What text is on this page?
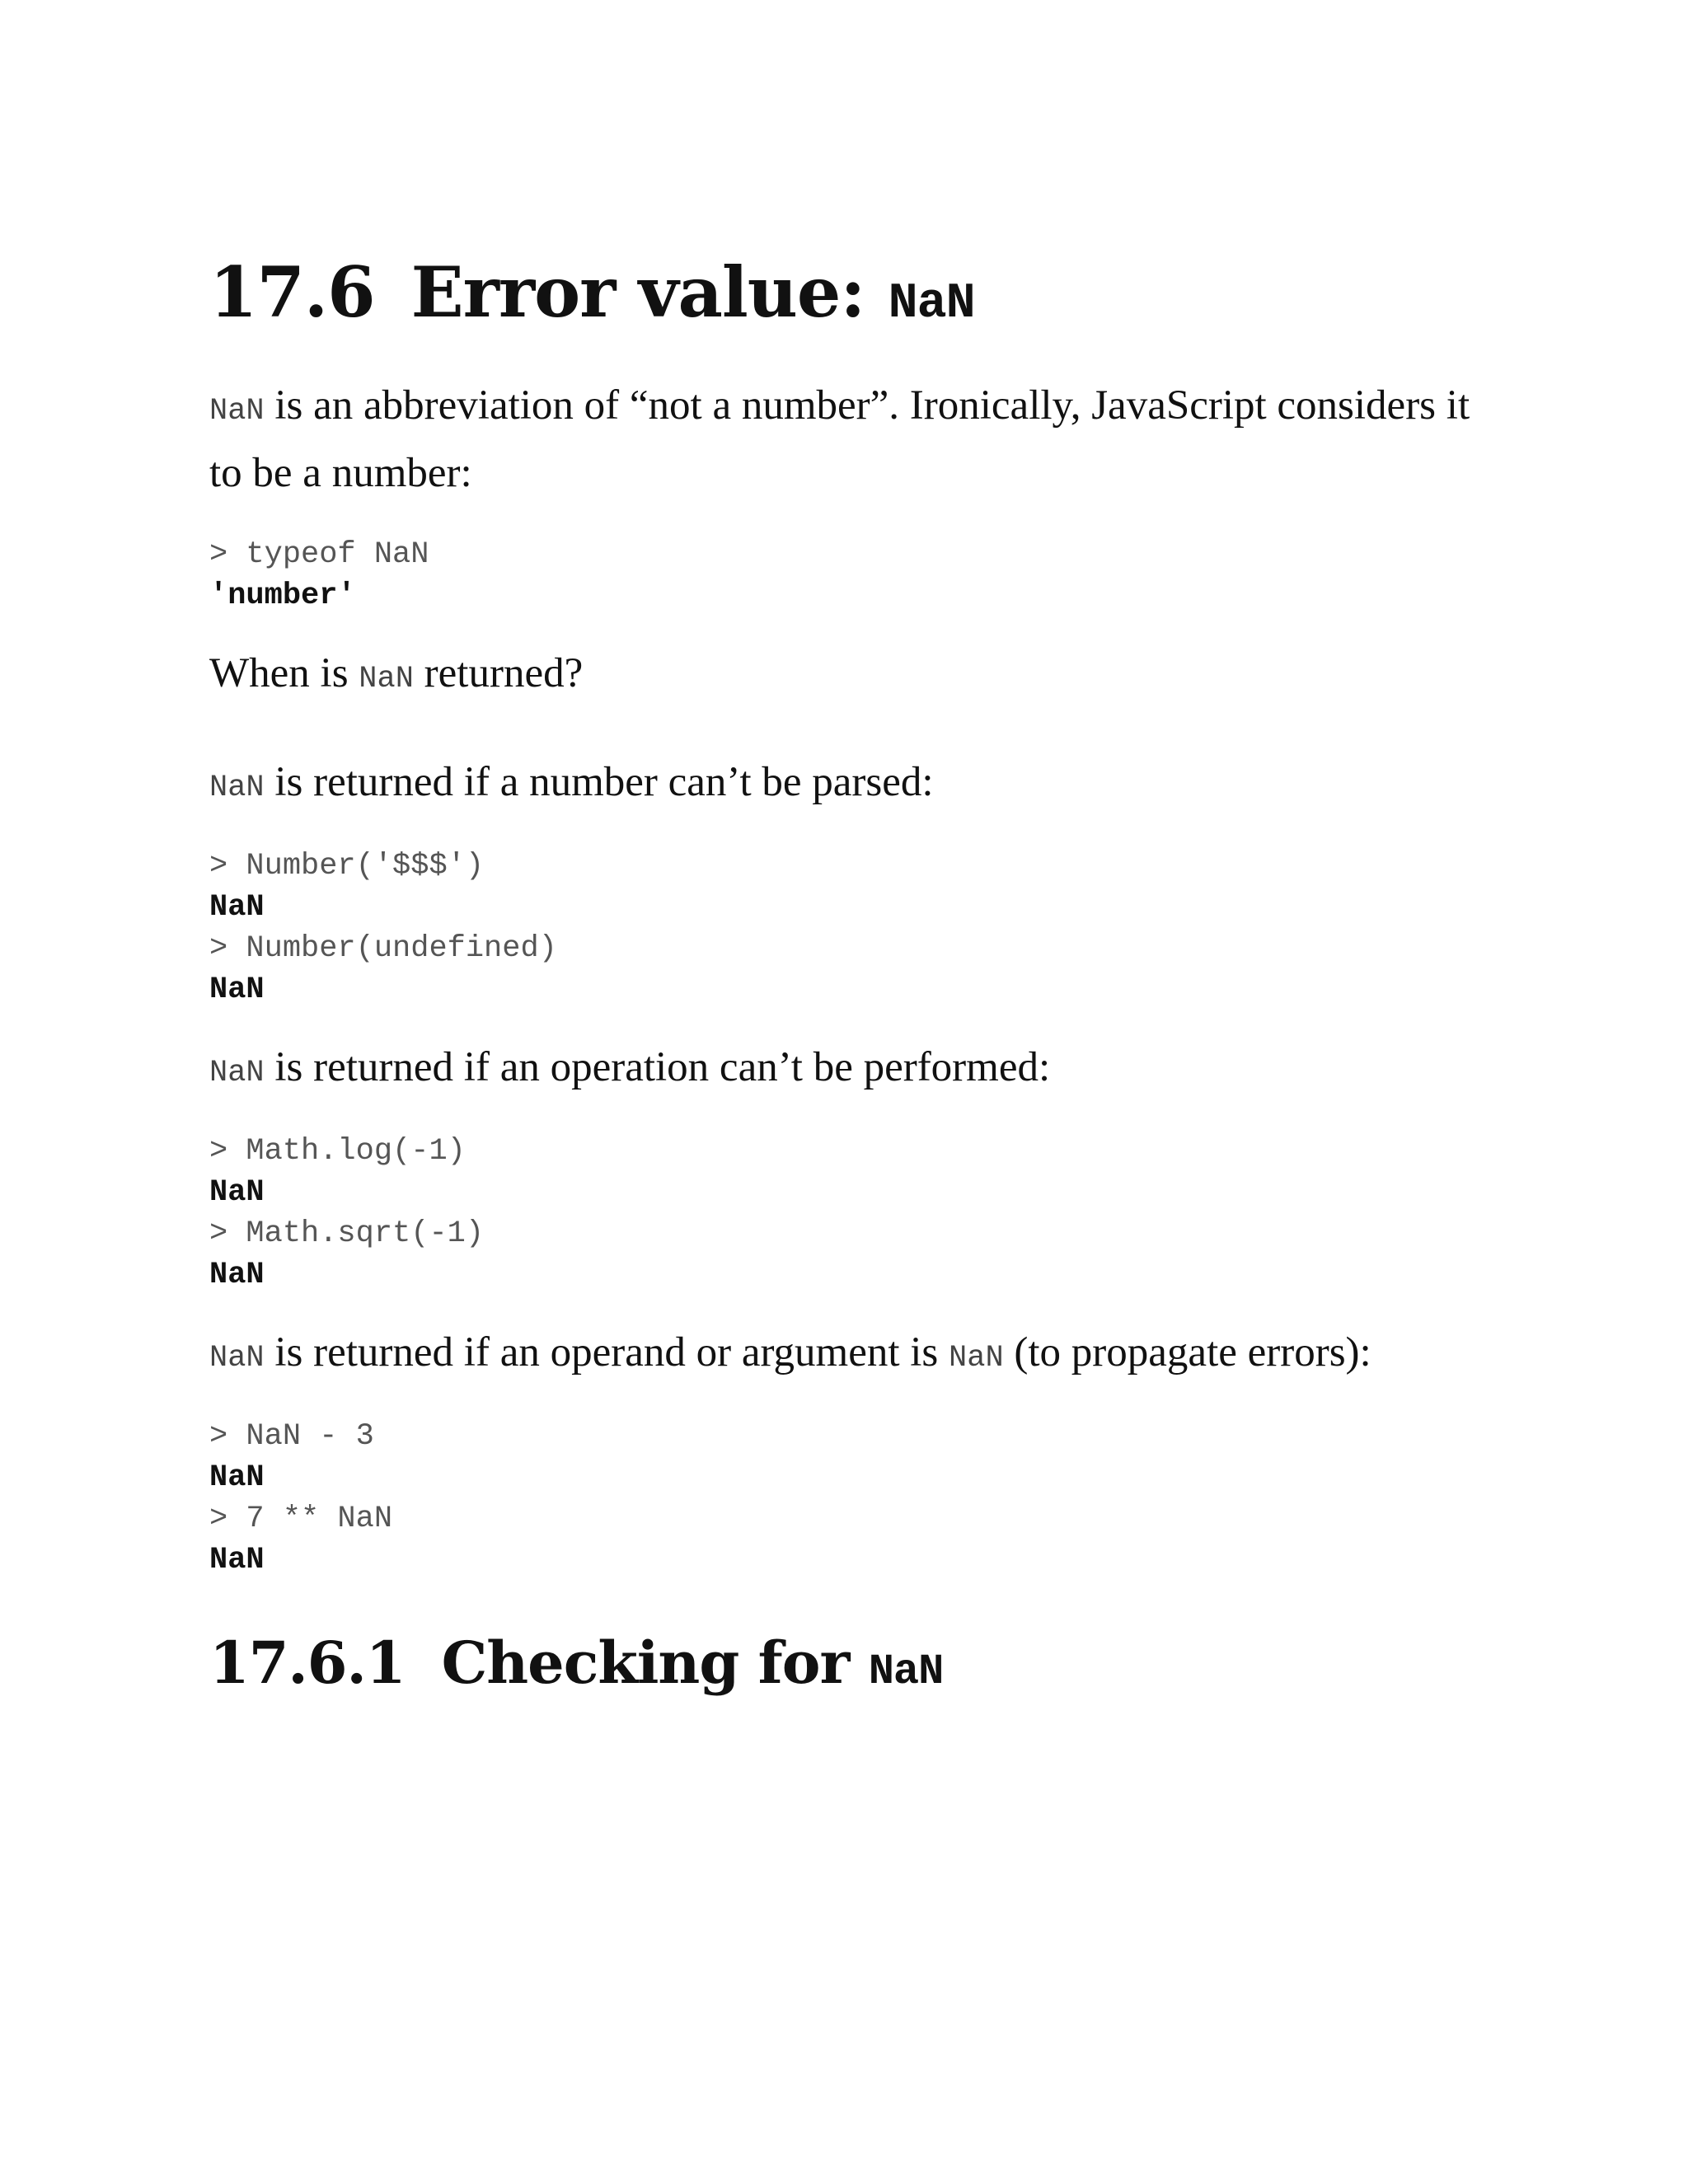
17.6 Error value: NaN

NaN is an abbreviation of “not a number”. Ironically, JavaScript considers it to be a number:

> typeof NaN
'number'

When is NaN returned?

NaN is returned if a number can’t be parsed:

> Number('$$$')
NaN
> Number(undefined)
NaN

NaN is returned if an operation can’t be performed:

> Math.log(-1)
NaN
> Math.sqrt(-1)
NaN

NaN is returned if an operand or argument is NaN (to propagate errors):

> NaN - 3
NaN
> 7 ** NaN
NaN
17.6.1 Checking for NaN
